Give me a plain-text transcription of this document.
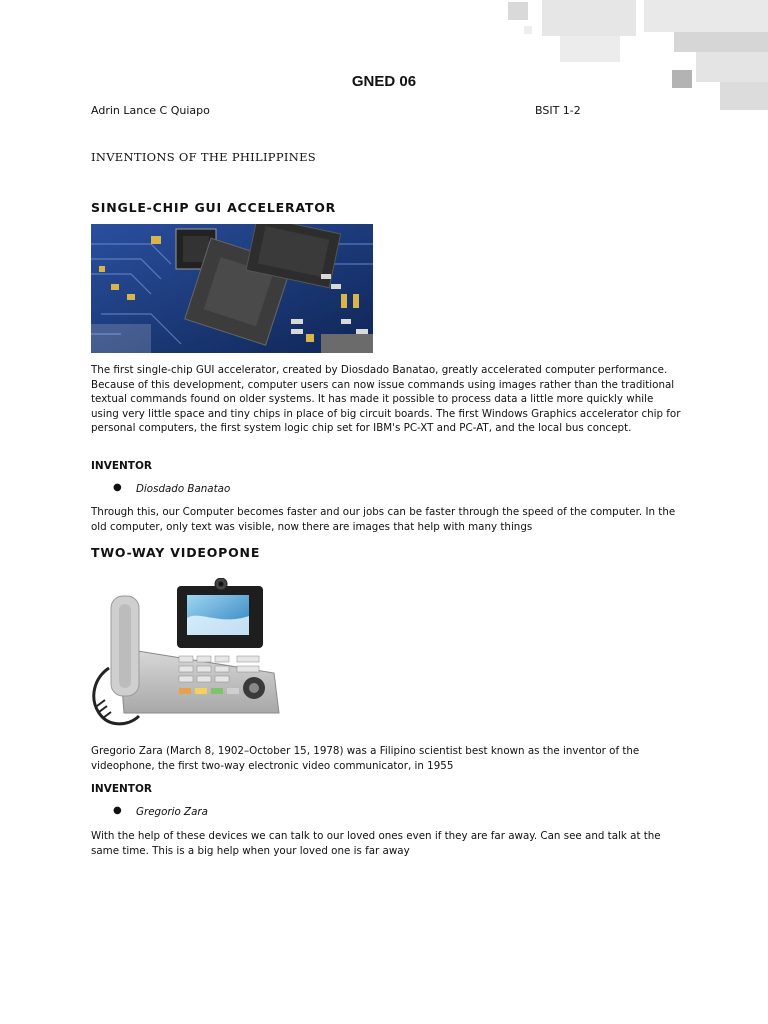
GNED 06
Adrin Lance C Quiapo	BSIT 1-2
INVENTIONS OF THE PHILIPPINES
SINGLE-CHIP GUI ACCELERATOR
The first single-chip GUI accelerator, created by Diosdado Banatao, greatly accelerated computer performance. Because of this development, computer users can now issue commands using images rather than the traditional textual commands found on older systems. It has made it possible to process data a little more quickly while using very little space and tiny chips in place of big circuit boards. The first Windows Graphics accelerator chip for personal computers, the first system logic chip set for IBM's PC-XT and PC-AT, and the local bus concept.
INVENTOR
● Diosdado Banatao
Through this, our Computer becomes faster and our jobs can be faster through the speed of the computer. In the old computer, only text was visible, now there are images that help with many things
TWO-WAY VIDEOPONE
Gregorio Zara (March 8, 1902–October 15, 1978) was a Filipino scientist best known as the inventor of the videophone, the first two-way electronic video communicator, in 1955
INVENTOR
● Gregorio Zara
With the help of these devices we can talk to our loved ones even if they are far away. Can see and talk at the same time. This is a big help when your loved one is far away
